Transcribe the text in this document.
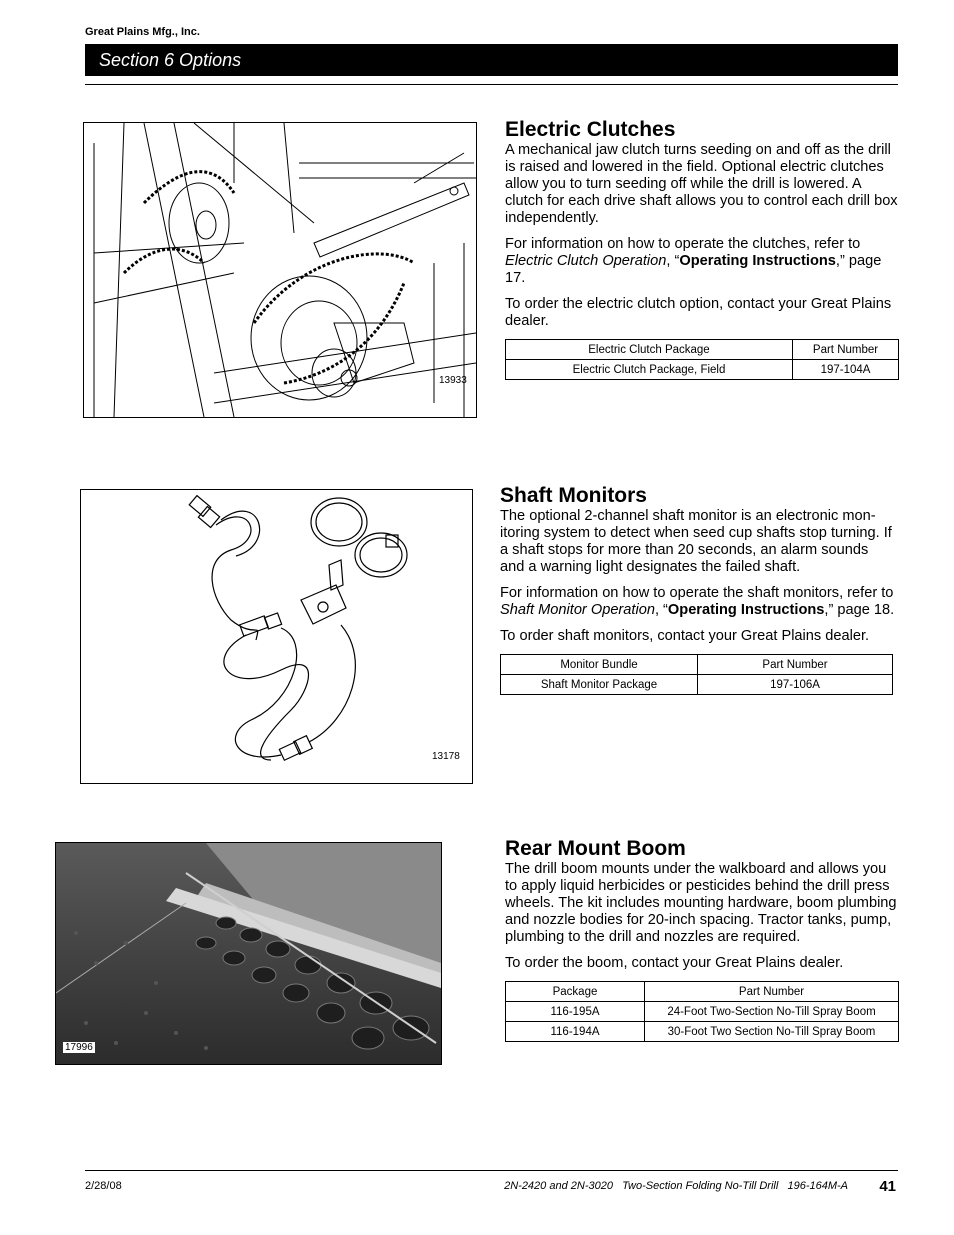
Great Plains Mfg., Inc.
Section 6 Options
13933
Electric Clutches

A mechanical jaw clutch turns seeding on and off as the drill is raised and lowered in the field. Optional electric clutches allow you to turn seeding off while the drill is lowered. A clutch for each drive shaft allows you to control each drill box independently.

For information on how to operate the clutches, refer to Electric Clutch Operation, “Operating Instructions,” page 17.

To order the electric clutch option, contact your Great Plains dealer.

Electric Clutch Package	Part Number
Electric Clutch Package, Field	197-104A
13178
Shaft Monitors

The optional 2-channel shaft monitor is an electronic monitoring system to detect when seed cup shafts stop turning. If a shaft stops for more than 20 seconds, an alarm sounds and a warning light designates the failed shaft.

For information on how to operate the shaft monitors, refer to Shaft Monitor Operation, “Operating Instructions,” page 18.

To order shaft monitors, contact your Great Plains dealer.

Monitor Bundle	Part Number
Shaft Monitor Package	197-106A
17996
Rear Mount Boom

The drill boom mounts under the walkboard and allows you to apply liquid herbicides or pesticides behind the drill press wheels. The kit includes mounting hardware, boom plumbing and nozzle bodies for 20-inch spacing. Tractor tanks, pump, plumbing to the drill and nozzles are required.

To order the boom, contact your Great Plains dealer.

Package	Part Number
116-195A	24-Foot Two-Section No-Till Spray Boom
116-194A	30-Foot Two Section No-Till Spray Boom
2/28/08	2N-2420 and 2N-3020   Two-Section Folding No-Till Drill   196-164M-A 41
